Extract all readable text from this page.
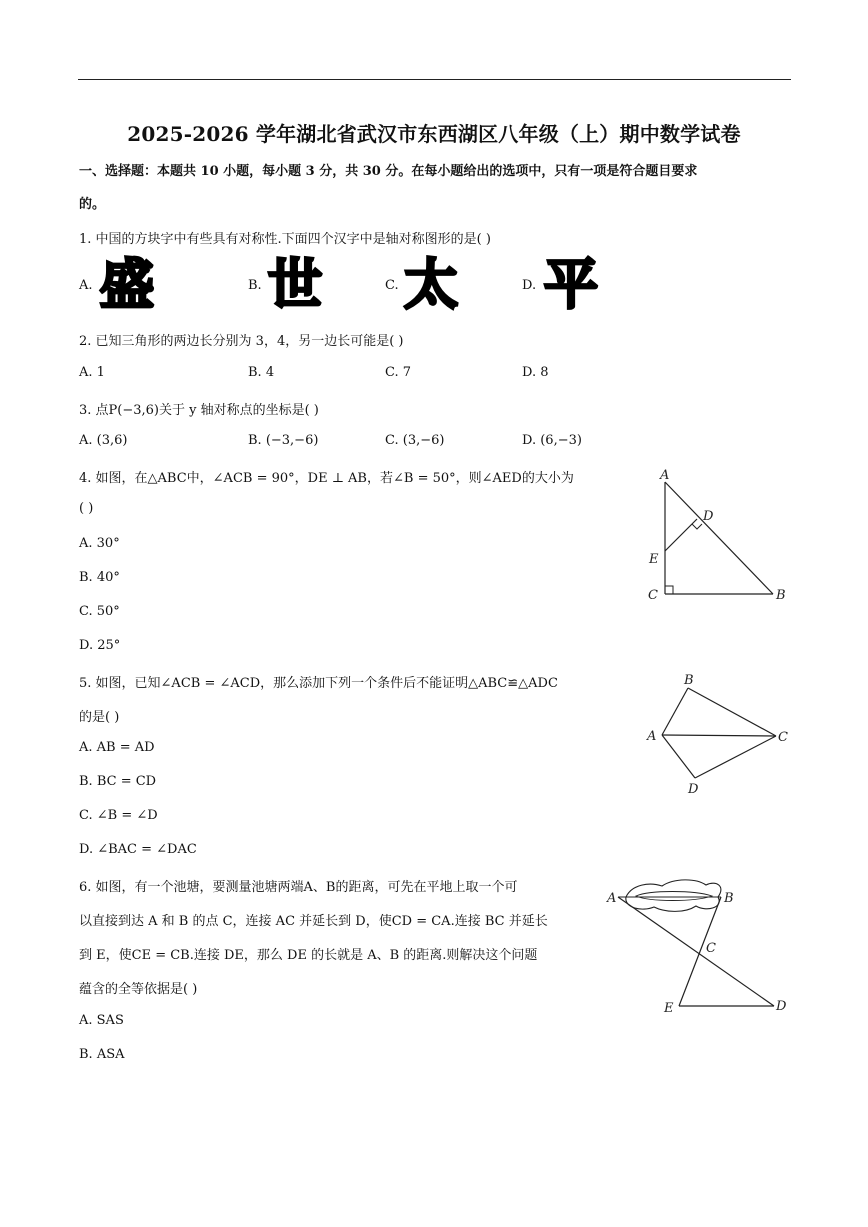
2025-2026 学年湖北省武汉市东西湖区八年级（上）期中数学试卷
一、选择题：本题共 10 小题，每小题 3 分，共 30 分。在每小题给出的选项中，只有一项是符合题目要求
的。
1. 中国的方块字中有些具有对称性.下面四个汉字中是轴对称图形的是( )
A. 盛	B. 世	C. 太	D. 平
2. 已知三角形的两边长分别为 3，4，另一边长可能是( )
A. 1	B. 4	C. 7	D. 8
3. 点P(−3,6)关于 y 轴对称点的坐标是( )
A. (3,6)	B. (−3,−6)	C. (3,−6)	D. (6,−3)
4. 如图，在△ABC中，∠ACB = 90°，DE ⊥ AB，若∠B = 50°，则∠AED的大小为
( )
A. 30°
B. 40°
C. 50°
D. 25°
A
D
E
C	B
5. 如图，已知∠ACB = ∠ACD，那么添加下列一个条件后不能证明△ABC≌△ADC
的是( )
A. AB = AD
B. BC = CD
C. ∠B = ∠D
D. ∠BAC = ∠DAC
B
A	C
D
6. 如图，有一个池塘，要测量池塘两端A、B的距离，可先在平地上取一个可
以直接到达 A 和 B 的点 C，连接 AC 并延长到 D，使CD = CA.连接 BC 并延长
到 E，使CE = CB.连接 DE，那么 DE 的长就是 A、B 的距离.则解决这个问题
蕴含的全等依据是( )
A. SAS
B. ASA
A	B
C
E	D
